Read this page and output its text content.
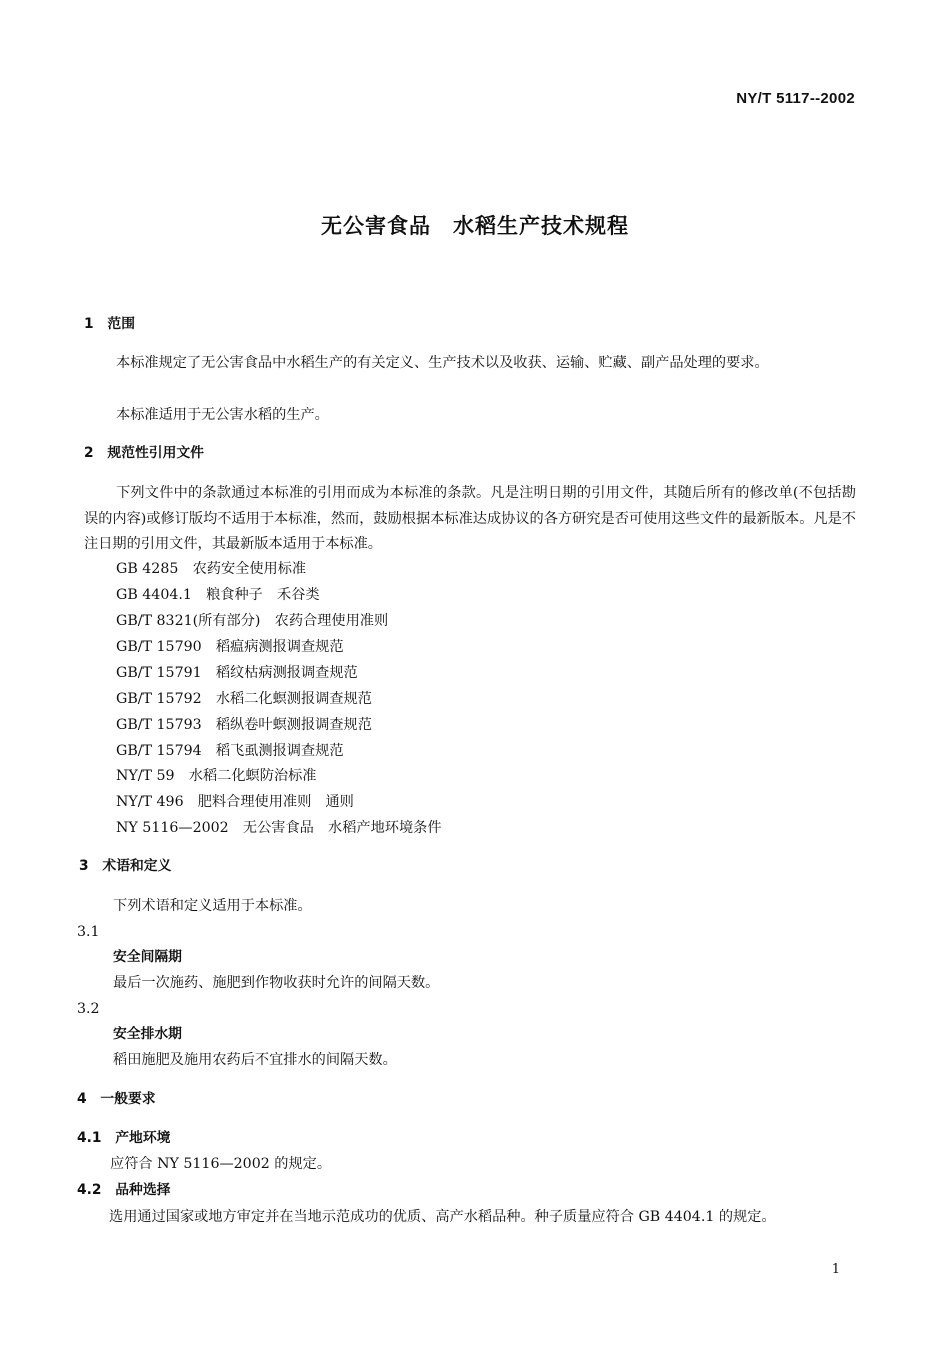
NY/T 5117--2002
无公害食品　水稻生产技术规程
1　范围
本标准规定了无公害食品中水稻生产的有关定义、生产技术以及收获、运输、贮藏、副产品处理的要求。
本标准适用于无公害水稻的生产。
2　规范性引用文件
下列文件中的条款通过本标准的引用而成为本标准的条款。凡是注明日期的引用文件，其随后所有的修改单(不包括勘误的内容)或修订版均不适用于本标准，然而，鼓励根据本标准达成协议的各方研究是否可使用这些文件的最新版本。凡是不注日期的引用文件，其最新版本适用于本标准。
GB 4285　农药安全使用标准
GB 4404.1　粮食种子　禾谷类
GB/T 8321(所有部分)　农药合理使用准则
GB/T 15790　稻瘟病测报调查规范
GB/T 15791　稻纹枯病测报调查规范
GB/T 15792　水稻二化螟测报调查规范
GB/T 15793　稻纵卷叶螟测报调查规范
GB/T 15794　稻飞虱测报调查规范
NY/T 59　水稻二化螟防治标准
NY/T 496　肥料合理使用准则　通则
NY 5116—2002　无公害食品　水稻产地环境条件
3　术语和定义
下列术语和定义适用于本标准。
3.1
安全间隔期
最后一次施药、施肥到作物收获时允许的间隔天数。
3.2
安全排水期
稻田施肥及施用农药后不宜排水的间隔天数。
4　一般要求
4.1　产地环境
应符合 NY 5116—2002 的规定。
4.2　品种选择
选用通过国家或地方审定并在当地示范成功的优质、高产水稻品种。种子质量应符合 GB 4404.1 的规定。
1
